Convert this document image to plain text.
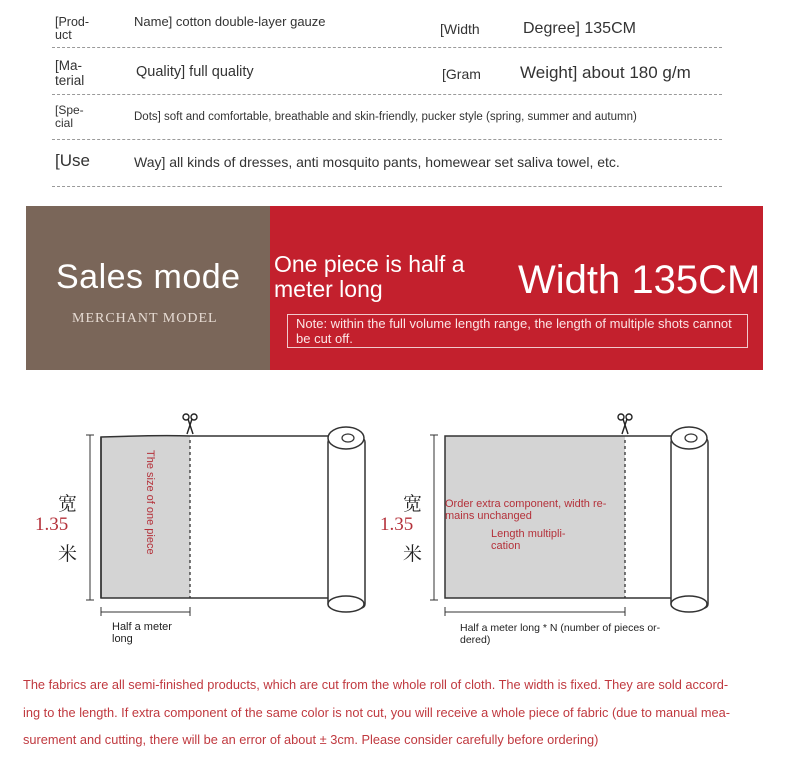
[Prod-
uct
Name] cotton double-layer gauze	[Width	Degree] 135CM
[Ma-
terial
Quality] full quality	[Gram Weight] about 180 g/m
[Spe-
cial	Dots] soft and comfortable, breathable and skin-friendly, pucker style (spring, summer and autumn)
[Use	Way] all kinds of dresses, anti mosquito pants, homewear set saliva towel, etc.
Sales mode
MERCHANT MODEL
One piece is half a meter long	Width 135CM
Note: within the full volume length range, the length of multiple shots cannot be cut off.
宽
1.35
米	The size of one piece
Half a meter long
宽
1.35
米
Order extra component, width re-mains unchanged
Length multipli-cation
Half a meter long * N (number of pieces or-dered)
The fabrics are all semi-finished products, which are cut from the whole roll of cloth. The width is fixed. They are sold accord-
ing to the length. If extra component of the same color is not cut, you will receive a whole piece of fabric (due to manual mea-
surement and cutting, there will be an error of about ± 3cm. Please consider carefully before ordering)
